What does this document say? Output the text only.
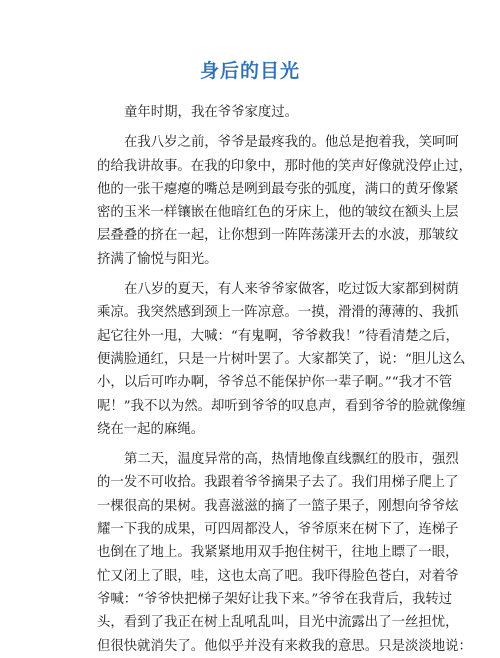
身后的目光
童年时期，我在爷爷家度过。
在我八岁之前，爷爷是最疼我的。他总是抱着我，笑呵呵
的给我讲故事。在我的印象中，那时他的笑声好像就没停止过，
他的一张干瘪瘪的嘴总是咧到最夸张的弧度，满口的黄牙像紧
密的玉米一样镶嵌在他暗红色的牙床上，他的皱纹在额头上层
层叠叠的挤在一起，让你想到一阵阵荡漾开去的水波，那皱纹
挤满了愉悦与阳光。
在八岁的夏天，有人来爷爷家做客，吃过饭大家都到树荫
乘凉。我突然感到颈上一阵凉意。一摸，滑滑的薄薄的、我抓
起它往外一甩，大喊：“有鬼啊，爷爷救我！”待看清楚之后，
便满脸通红，只是一片树叶罢了。大家都笑了，说：“胆儿这么
小，以后可咋办啊，爷爷总不能保护你一辈子啊。”“我才不管
呢！”我不以为然。却听到爷爷的叹息声，看到爷爷的脸就像缠
绕在一起的麻绳。
第二天，温度异常的高，热情地像直线飘红的股市，强烈
的一发不可收拾。我跟着爷爷摘果子去了。我们用梯子爬上了
一棵很高的果树。我喜滋滋的摘了一篮子果子，刚想向爷爷炫
耀一下我的成果，可四周都没人，爷爷原来在树下了，连梯子
也倒在了地上。我紧紧地用双手抱住树干，往地上瞟了一眼，
忙又闭上了眼，哇，这也太高了吧。我吓得脸色苍白，对着爷
爷喊：“爷爷快把梯子架好让我下来。”爷爷在我背后，我转过
头，看到了我正在树上乱吼乱叫，目光中流露出了一丝担忧，
但很快就消失了。他似乎并没有来救我的意思。只是淡淡地说：
